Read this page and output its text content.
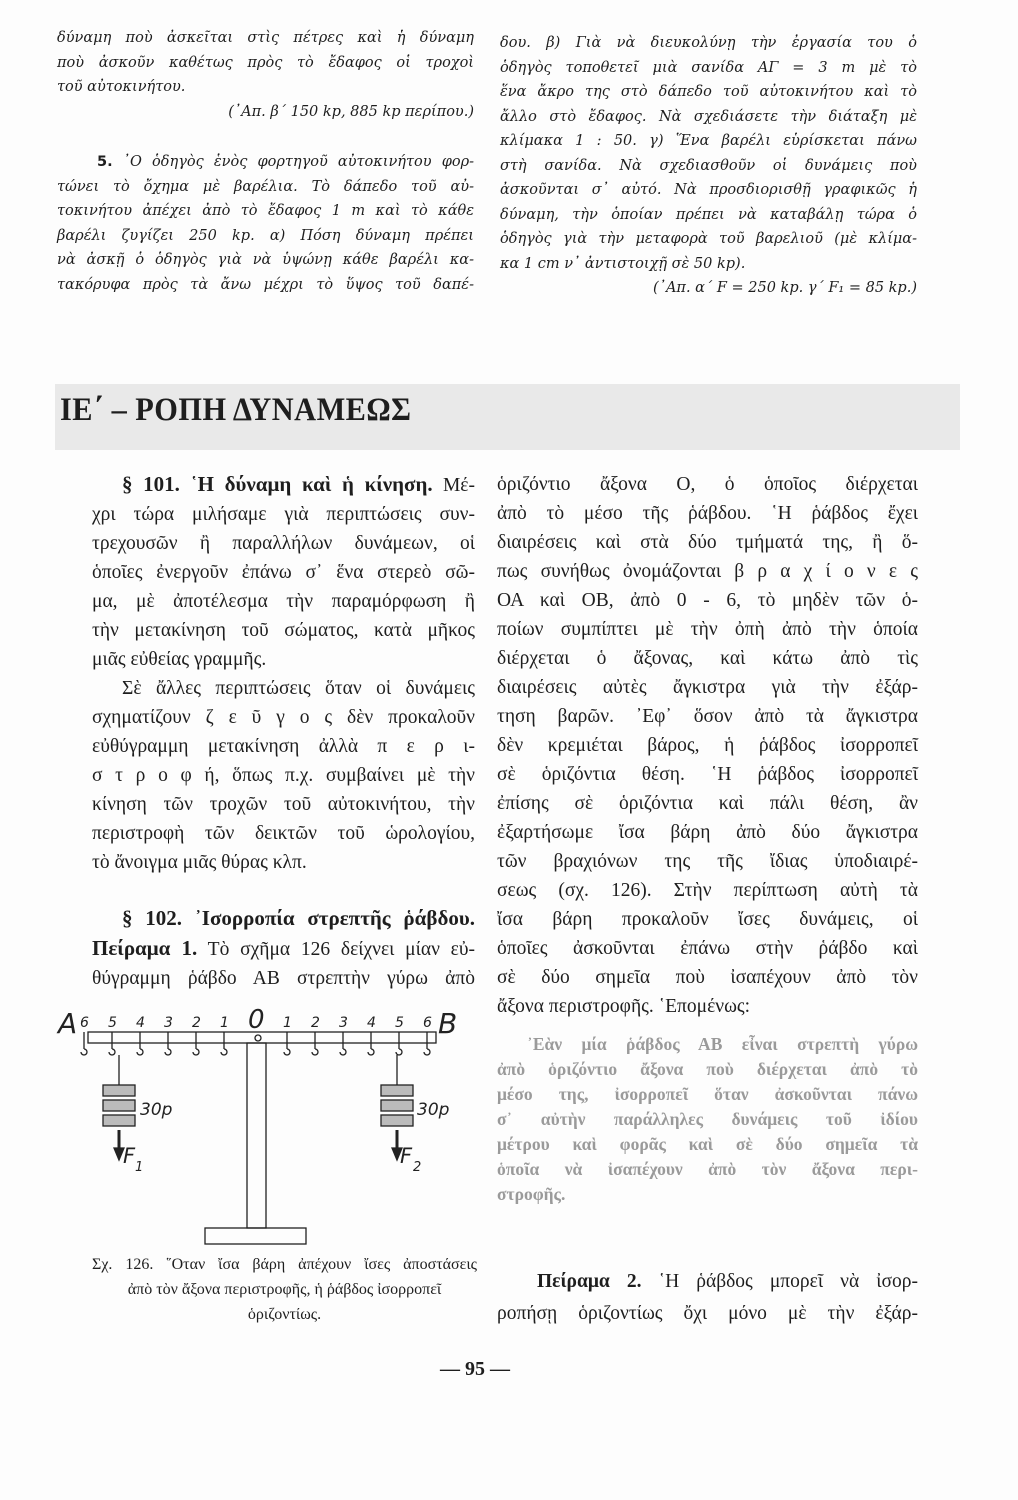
δύναμη ποὺ ἀσκεῖται στὶς πέτρες καὶ ἡ δύναμη
ποὺ ἀσκοῦν καθέτως πρὸς τὸ ἔδαφος οἱ τροχοὶ
τοῦ αὐτοκινήτου.
(᾽Απ. β΄ 150 kp, 885 kp περίπου.)
5. ᾽Ο ὁδηγὸς ἑνὸς φορτηγοῦ αὐτοκινήτου φορ-
τώνει τὸ ὄχημα μὲ βαρέλια. Τὸ δάπεδο τοῦ αὐ-
τοκινήτου ἀπέχει ἀπὸ τὸ ἔδαφος 1 m καὶ τὸ κάθε
βαρέλι ζυγίζει 250 kp. α) Πόση δύναμη πρέπει
νὰ ἀσκῇ ὁ ὁδηγὸς γιὰ νὰ ὑψώνῃ κάθε βαρέλι κα-
τακόρυφα πρὸς τὰ ἄνω μέχρι τὸ ὕψος τοῦ δαπέ-
δου. β) Γιὰ νὰ διευκολύνῃ τὴν ἐργασία του ὁ
ὁδηγὸς τοποθετεῖ μιὰ σανίδα ΑΓ = 3 m μὲ τὸ
ἕνα ἄκρο της στὸ δάπεδο τοῦ αὐτοκινήτου καὶ τὸ
ἄλλο στὸ ἔδαφος. Νὰ σχεδιάσετε τὴν διάταξη μὲ
κλίμακα 1 : 50. γ) Ἕνα βαρέλι εὑρίσκεται πάνω
στὴ σανίδα. Νὰ σχεδιασθοῦν οἱ δυνάμεις ποὺ
ἀσκοῦνται σ᾽ αὐτό. Νὰ προσδιορισθῇ γραφικῶς ἡ
δύναμη, τὴν ὁποίαν πρέπει νὰ καταβάλῃ τώρα ὁ
ὁδηγὸς γιὰ τὴν μεταφορὰ τοῦ βαρελιοῦ (μὲ κλίμα-
κα 1 cm ν᾽ ἀντιστοιχῇ σὲ 50 kp).
(᾽Απ. α΄ F = 250 kp. γ΄ F₁ = 85 kp.)
ΙΕ΄ – ΡΟΠΗ ΔΥΝΑΜΕΩΣ
§ 101. ῾Η δύναμη καὶ ἡ κίνηση. Μέ-
χρι τώρα μιλήσαμε γιὰ περιπτώσεις συν-
τρεχουσῶν ἢ παραλλήλων δυνάμεων, οἱ
ὁποῖες ἐνεργοῦν ἐπάνω σ᾽ ἕνα στερεὸ σῶ-
μα, μὲ ἀποτέλεσμα τὴν παραμόρφωση ἢ
τὴν μετακίνηση τοῦ σώματος, κατὰ μῆκος
μιᾶς εὐθείας γραμμῆς.
Σὲ ἄλλες περιπτώσεις ὅταν οἱ δυνάμεις
σχηματίζουν ζ ε ῦ γ ο ς δὲν προκαλοῦν
εὐθύγραμμη μετακίνηση ἀλλὰ π ε ρ ι-
σ τ ρ ο φ ή, ὅπως π.χ. συμβαίνει μὲ τὴν
κίνηση τῶν τροχῶν τοῦ αὐτοκινήτου, τὴν
περιστροφὴ τῶν δεικτῶν τοῦ ὡρολογίου,
τὸ ἄνοιγμα μιᾶς θύρας κλπ.
§ 102. ᾽Ισορροπία στρεπτῆς ῥάβδου.
Πείραμα 1. Τὸ σχῆμα 126 δείχνει μίαν εὐ-
θύγραμμη ῥάβδο ΑΒ στρεπτὴν γύρω ἀπὸ
ὁριζόντιο ἄξονα Ο, ὁ ὁποῖος διέρχεται
ἀπὸ τὸ μέσο τῆς ῥάβδου. ῾Η ῥάβδος ἔχει
διαιρέσεις καὶ στὰ δύο τμήματά της, ἢ ὅ-
πως συνήθως ὀνομάζονται β ρ α χ ί ο ν ε ς
ΟΑ καὶ ΟΒ, ἀπὸ 0 - 6, τὸ μηδὲν τῶν ὁ-
ποίων συμπίπτει μὲ τὴν ὀπὴ ἀπὸ τὴν ὁποία
διέρχεται ὁ ἄξονας, καὶ κάτω ἀπὸ τὶς
διαιρέσεις αὐτὲς ἄγκιστρα γιὰ τὴν ἐξάρ-
τηση βαρῶν. ᾽Εφ᾽ ὅσον ἀπὸ τὰ ἄγκιστρα
δὲν κρεμιέται βάρος, ἡ ῥάβδος ἰσορροπεῖ
σὲ ὁριζόντια θέση. ῾Η ῥάβδος ἰσορροπεῖ
ἐπίσης σὲ ὁριζόντια καὶ πάλι θέση, ἂν
ἐξαρτήσωμε ἴσα βάρη ἀπὸ δύο ἄγκιστρα
τῶν βραχιόνων της τῆς ἴδιας ὑποδιαιρέ-
σεως (σχ. 126). Στὴν περίπτωση αὐτὴ τὰ
ἴσα βάρη προκαλοῦν ἴσες δυνάμεις, οἱ
ὁποῖες ἀσκοῦνται ἐπάνω στὴν ῥάβδο καὶ
σὲ δύο σημεῖα ποὺ ἰσαπέχουν ἀπὸ τὸν
ἄξονα περιστροφῆς. ῾Επομένως:
᾽Εὰν μία ῥάβδος ΑΒ εἶναι στρεπτὴ γύρω
ἀπὸ ὁριζόντιο ἄξονα ποὺ διέρχεται ἀπὸ τὸ
μέσο της, ἰσορροπεῖ ὅταν ἀσκοῦνται πάνω
σ᾽ αὐτὴν παράλληλες δυνάμεις τοῦ ἰδίου
μέτρου καὶ φορᾶς καὶ σὲ δύο σημεῖα τὰ
ὁποῖα νὰ ἰσαπέχουν ἀπὸ τὸν ἄξονα περι-
στροφῆς.
Πείραμα 2. ῾Η ῥάβδος μπορεῖ νὰ ἰσορ-
ροπήσῃ ὁριζοντίως ὄχι μόνο μὲ τὴν ἐξάρ-
A	B
0
30p	30p
F 1	F 2
6 5 4 3 2 1	1 2 3 4 5 6
Σχ. 126. ῞Οταν ἴσα βάρη ἀπέχουν ἴσες ἀποστάσεις
ἀπὸ τὸν ἄξονα περιστροφῆς, ἡ ῥάβδος ἰσορροπεῖ
ὁριζοντίως.
— 95 —
